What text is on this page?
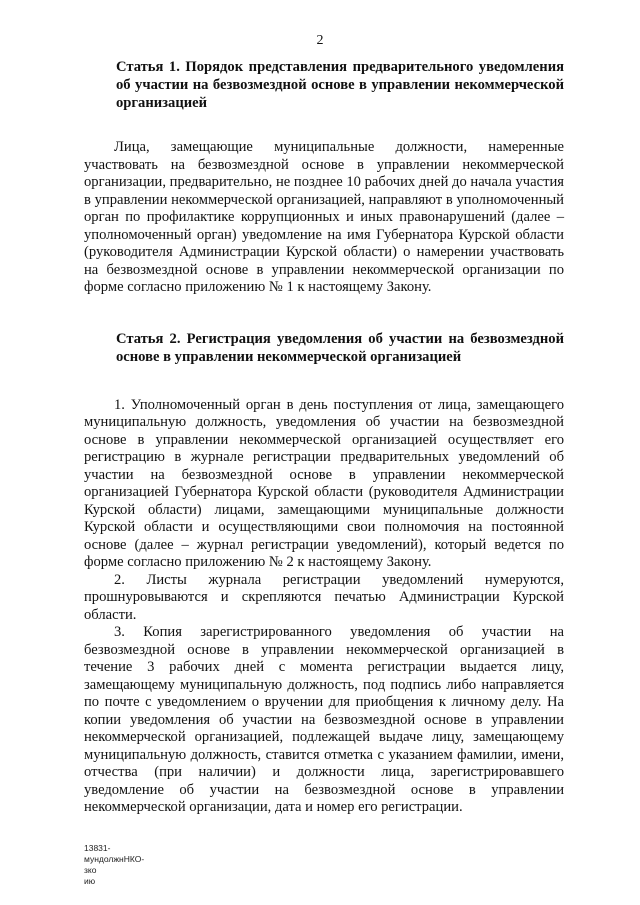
2
Статья 1. Порядок представления предварительного уведомления об участии на безвозмездной основе в управлении некоммерческой организацией

Лица, замещающие муниципальные должности, намеренные участвовать на безвозмездной основе в управлении некоммерческой организации, предварительно, не позднее 10 рабочих дней до начала участия в управлении некоммерческой организацией, направляют в уполномоченный орган по профилактике коррупционных и иных правонарушений (далее – уполномоченный орган) уведомление на имя Губернатора Курской области (руководителя Администрации Курской области) о намерении участвовать на безвозмездной основе в управлении некоммерческой организации по форме согласно приложению № 1 к настоящему Закону.

Статья 2. Регистрация уведомления об участии на безвозмездной основе в управлении некоммерческой организацией

1. Уполномоченный орган в день поступления от лица, замещающего муниципальную должность, уведомления об участии на безвозмездной основе в управлении некоммерческой организацией осуществляет его регистрацию в журнале регистрации предварительных уведомлений об участии на безвозмездной основе в управлении некоммерческой организацией Губернатора Курской области (руководителя Администрации Курской области) лицами, замещающими муниципальные должности Курской области и осуществляющими свои полномочия на постоянной основе (далее – журнал регистрации уведомлений), который ведется по форме согласно приложению № 2 к настоящему Закону.

2. Листы журнала регистрации уведомлений нумеруются, прошнуровываются и скрепляются печатью Администрации Курской области.

3. Копия зарегистрированного уведомления об участии на безвозмездной основе в управлении некоммерческой организацией в течение 3 рабочих дней с момента регистрации выдается лицу, замещающему муниципальную должность, под подпись либо направляется по почте с уведомлением о вручении для приобщения к личному делу. На копии уведомления об участии на безвозмездной основе в управлении некоммерческой организацией, подлежащей выдаче лицу, замещающему муниципальную должность, ставится отметка с указанием фамилии, имени, отчества (при наличии) и должности лица, зарегистрировавшего уведомление об участии на безвозмездной основе в управлении некоммерческой организации, дата и номер его регистрации.

13831-мундолжнНКО-зко
ию
